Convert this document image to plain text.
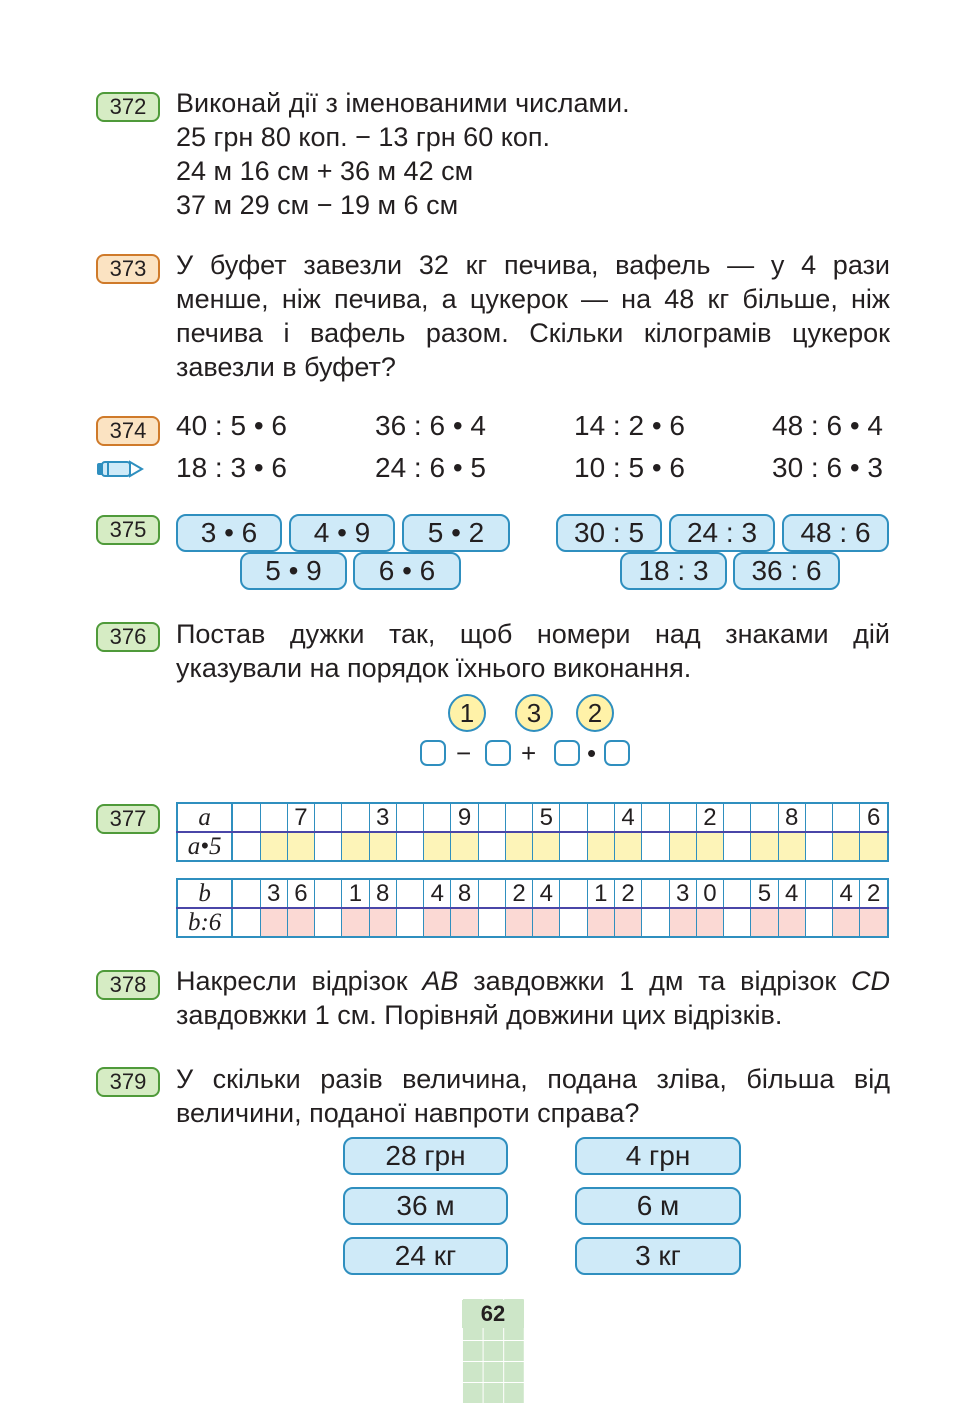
372	Виконай дії з іменованими числами.
25 грн 80 коп. − 13 грн 60 коп.
24 м 16 см + 36 м 42 см
37 м 29 см − 19 м 6 см
373	У буфет завезли 32 кг печива, вафель — у 4 рази менше, ніж печива, а цукерок — на 48 кг більше, ніж печива і вафель разом. Скільки кілограмів цукерок завезли в буфет?

374	40 : 5 • 6	36 : 6 • 4	14 : 2 • 6	48 : 6 • 4
18 : 3 • 6	24 : 6 • 5	10 : 5 • 6	30 : 6 • 3
375	3 • 6	4 • 9	5 • 2
5 • 9	6 • 6
30 : 5	24 : 3	48 : 6
18 : 3	36 : 6
376	Постав дужки так, щоб номери над знаками дій указували на порядок їхнього виконання.

1	3	2
− + •
377	a			7			3			9			5			4			2			8			6
a•5																								
b		3	6		1	8		4	8		2	4		1	2		3	0		5	4		4	2
b:6																								
378	Накресли відрізок AB завдовжки 1 дм та відрізок CD завдовжки 1 см. Порівняй довжини цих відрізків.

379	У скільки разів величина, подана зліва, більша від величини, поданої навпроти справа?

28 грн	4 грн
36 м	6 м
24 кг	3 кг
62
